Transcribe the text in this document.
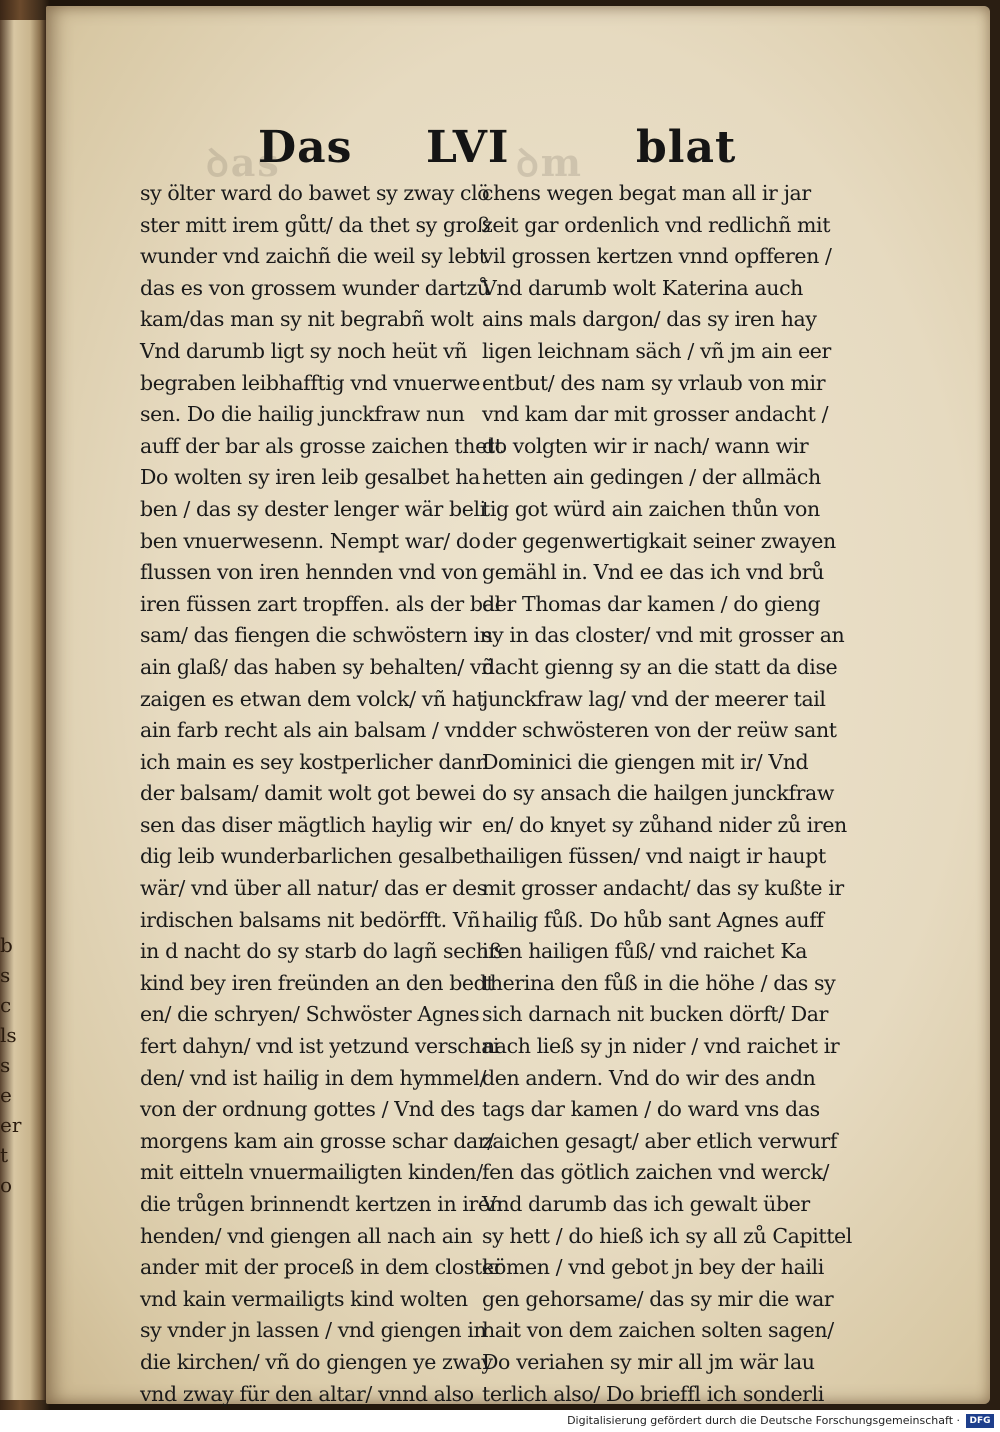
b
s
c
ls
s
e
er
t
o
ꝺas	ꝺm
Das LVI	blat
sy ölter ward do bawet sy zway clö
ster mitt irem gůtt/ da thet sy groß
wunder vnd zaichñ die weil sy lebt
das es von grossem wunder dartzů
kam/das man sy nit begrabñ wolt
Vnd darumb ligt sy noch heüt vñ
begraben leibhafftig vnd vnuerwe
sen. Do die hailig junckfraw nun
auff der bar als grosse zaichen thett
Do wolten sy iren leib gesalbet ha
ben / das sy dester lenger wär beli
ben vnuerwesenn. Nempt war/ do
flussen von iren hennden vnd von
iren füssen zart tropffen. als der bal
sam/ das fiengen die schwöstern in
ain glaß/ das haben sy behalten/ vñ
zaigen es etwan dem volck/ vñ hat
ain farb recht als ain balsam / vnd
ich main es sey kostperlicher dann
der balsam/ damit wolt got bewei
sen das diser mägtlich haylig wir
dig leib wunderbarlichen gesalbet
wär/ vnd über all natur/ das er des
irdischen balsams nit bedörfft. Vñ
in d nacht do sy starb do lagñ sechß
kind bey iren freünden an den bedt
en/ die schryen/ Schwöster Agnes
fert dahyn/ vnd ist yetzund verschai
den/ vnd ist hailig in dem hymmel/
von der ordnung gottes / Vnd des
morgens kam ain grosse schar dar/
mit eitteln vnuermailigten kinden/
die trůgen brinnendt kertzen in iren
henden/ vnd giengen all nach ain
ander mit der proceß in dem closter
vnd kain vermailigts kind wolten
sy vnder jn lassen / vnd giengen in
die kirchen/ vñ do giengen ye zway
vnd zway für den altar/ vnnd also
chens wegen begat man all ir jar
zeit gar ordenlich vnd redlichñ mit
vil grossen kertzen vnnd opfferen /
Vnd darumb wolt Katerina auch
ains mals dargon/ das sy iren hay
ligen leichnam säch / vñ jm ain eer
entbut/ des nam sy vrlaub von mir
vnd kam dar mit grosser andacht /
do volgten wir ir nach/ wann wir
hetten ain gedingen / der allmäch
tig got würd ain zaichen thůn von
der gegenwertigkait seiner zwayen
gemähl in. Vnd ee das ich vnd brů
der Thomas dar kamen / do gieng
sy in das closter/ vnd mit grosser an
dacht gienng sy an die statt da dise
junckfraw lag/ vnd der meerer tail
der schwösteren von der reüw sant
Dominici die giengen mit ir/ Vnd
do sy ansach die hailgen junckfraw
en/ do knyet sy zůhand nider zů iren
hailigen füssen/ vnd naigt ir haupt
mit grosser andacht/ das sy kußte ir
hailig fůß. Do hůb sant Agnes auff
iren hailigen fůß/ vnd raichet Ka
therina den fůß in die höhe / das sy
sich darnach nit bucken dörft/ Dar
nach ließ sy jn nider / vnd raichet ir
den andern. Vnd do wir des andn
tags dar kamen / do ward vns das
zaichen gesagt/ aber etlich verwurf
fen das götlich zaichen vnd werck/
Vnd darumb das ich gewalt über
sy hett / do hieß ich sy all zů Capittel
kömen / vnd gebot jn bey der haili
gen gehorsame/ das sy mir die war
hait von dem zaichen solten sagen/
Do veriahen sy mir all jm wär lau
terlich also/ Do brieffl ich sonderli
Digitalisierung gefördert durch die Deutsche Forschungsgemeinschaft ·	DFG
